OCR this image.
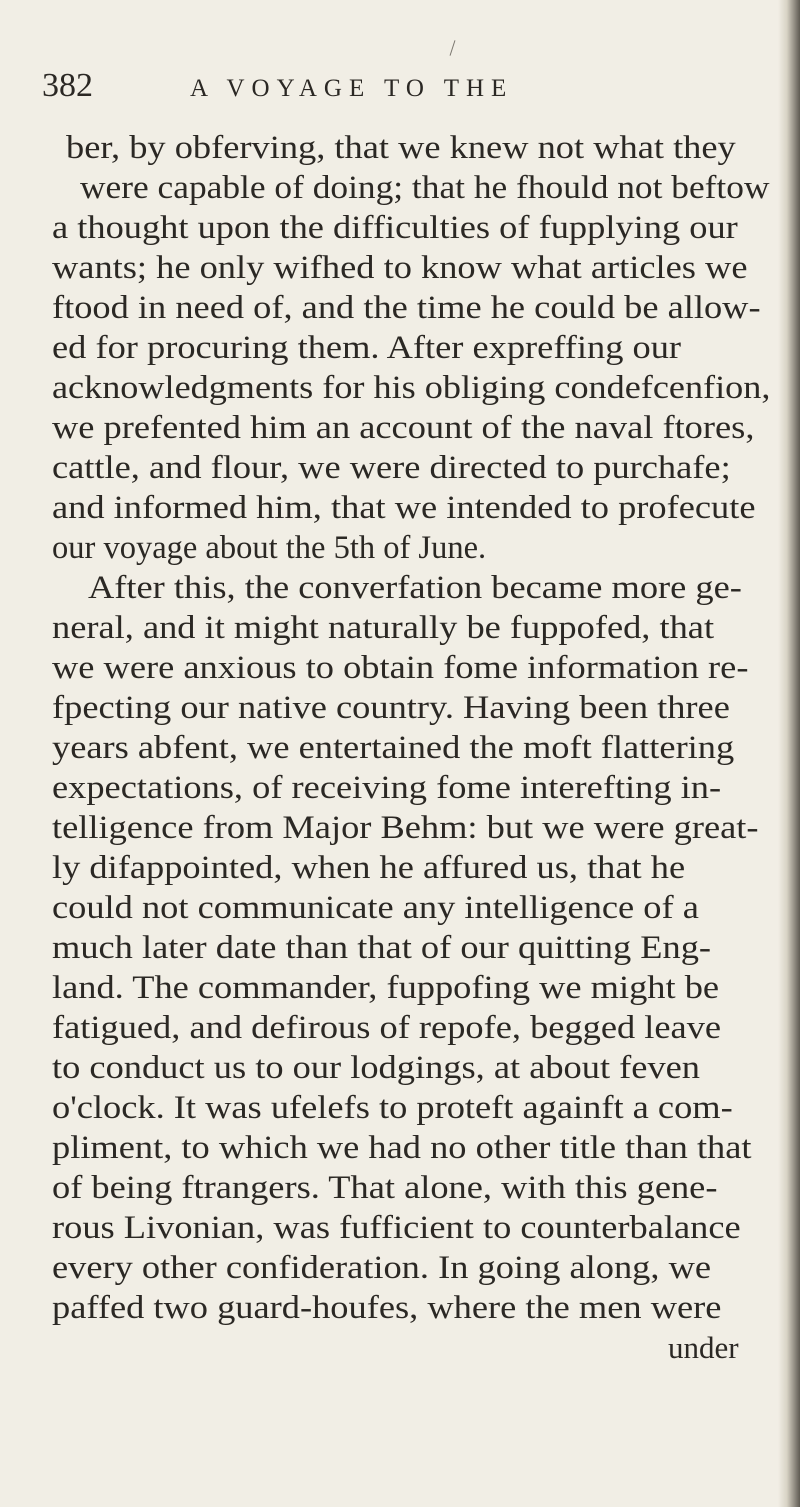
382	A VOYAGE TO THE
ber, by obferving, that we knew not what they
were capable of doing; that he fhould not beftow
a thought upon the difficulties of fupplying our
wants; he only wifhed to know what articles we
ftood in need of, and the time he could be allow-
ed for procuring them. After expreffing our
acknowledgments for his obliging condefcenfion,
we prefented him an account of the naval ftores,
cattle, and flour, we were directed to purchafe;
and informed him, that we intended to profecute
our voyage about the 5th of June.
After this, the converfation became more ge-
neral, and it might naturally be fuppofed, that
we were anxious to obtain fome information re-
fpecting our native country. Having been three
years abfent, we entertained the moft flattering
expectations, of receiving fome interefting in-
telligence from Major Behm: but we were great-
ly difappointed, when he affured us, that he
could not communicate any intelligence of a
much later date than that of our quitting Eng-
land. The commander, fuppofing we might be
fatigued, and defirous of repofe, begged leave
to conduct us to our lodgings, at about feven
o'clock. It was ufelefs to proteft againft a com-
pliment, to which we had no other title than that
of being ftrangers. That alone, with this gene-
rous Livonian, was fufficient to counterbalance
every other confideration. In going along, we
paffed two guard-houfes, where the men were
under
